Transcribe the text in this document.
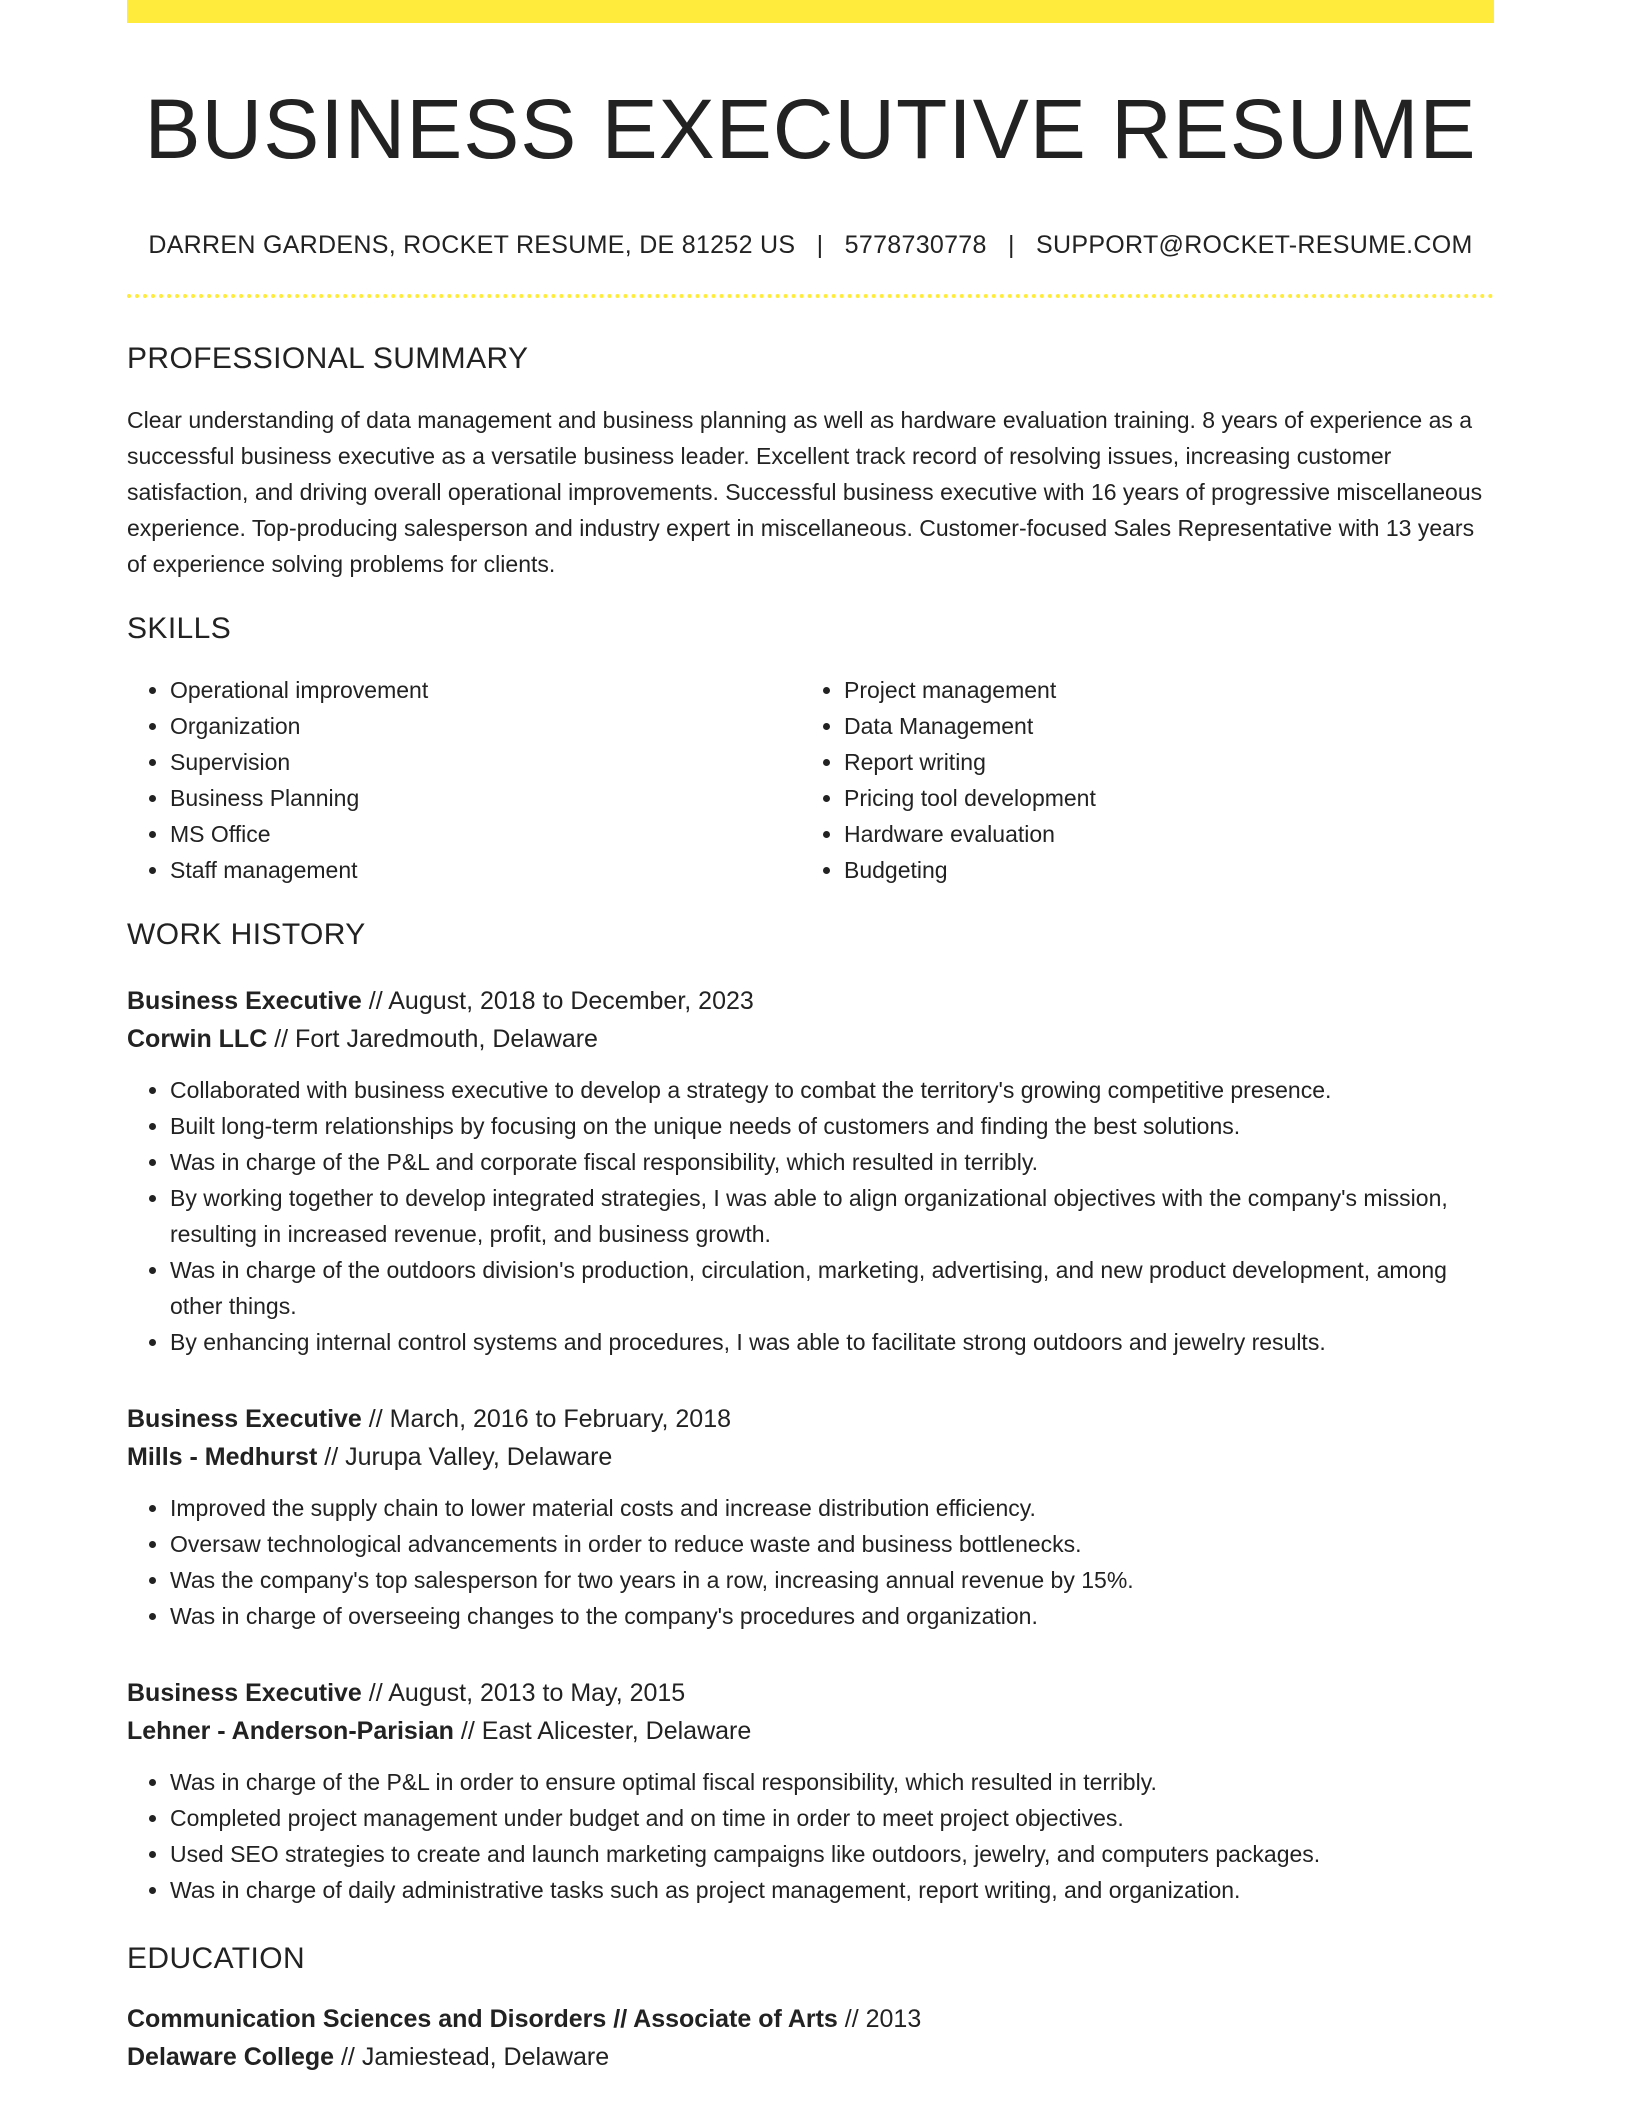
BUSINESS EXECUTIVE RESUME
DARREN GARDENS, ROCKET RESUME, DE 81252 US | 5778730778 | SUPPORT@ROCKET-RESUME.COM
PROFESSIONAL SUMMARY
Clear understanding of data management and business planning as well as hardware evaluation training. 8 years of experience as a successful business executive as a versatile business leader. Excellent track record of resolving issues, increasing customer satisfaction, and driving overall operational improvements. Successful business executive with 16 years of progressive miscellaneous experience. Top-producing salesperson and industry expert in miscellaneous. Customer-focused Sales Representative with 13 years of experience solving problems for clients.
SKILLS
• Operational improvement
• Organization
• Supervision
• Business Planning
• MS Office
• Staff management
• Project management
• Data Management
• Report writing
• Pricing tool development
• Hardware evaluation
• Budgeting
WORK HISTORY
Business Executive // August, 2018 to December, 2023
Corwin LLC // Fort Jaredmouth, Delaware
• Collaborated with business executive to develop a strategy to combat the territory's growing competitive presence.
• Built long-term relationships by focusing on the unique needs of customers and finding the best solutions.
• Was in charge of the P&L and corporate fiscal responsibility, which resulted in terribly.
• By working together to develop integrated strategies, I was able to align organizational objectives with the company's mission, resulting in increased revenue, profit, and business growth.
• Was in charge of the outdoors division's production, circulation, marketing, advertising, and new product development, among other things.
• By enhancing internal control systems and procedures, I was able to facilitate strong outdoors and jewelry results.
Business Executive // March, 2016 to February, 2018
Mills - Medhurst // Jurupa Valley, Delaware
• Improved the supply chain to lower material costs and increase distribution efficiency.
• Oversaw technological advancements in order to reduce waste and business bottlenecks.
• Was the company's top salesperson for two years in a row, increasing annual revenue by 15%.
• Was in charge of overseeing changes to the company's procedures and organization.
Business Executive // August, 2013 to May, 2015
Lehner - Anderson-Parisian // East Alicester, Delaware
• Was in charge of the P&L in order to ensure optimal fiscal responsibility, which resulted in terribly.
• Completed project management under budget and on time in order to meet project objectives.
• Used SEO strategies to create and launch marketing campaigns like outdoors, jewelry, and computers packages.
• Was in charge of daily administrative tasks such as project management, report writing, and organization.
EDUCATION
Communication Sciences and Disorders // Associate of Arts // 2013
Delaware College // Jamiestead, Delaware
